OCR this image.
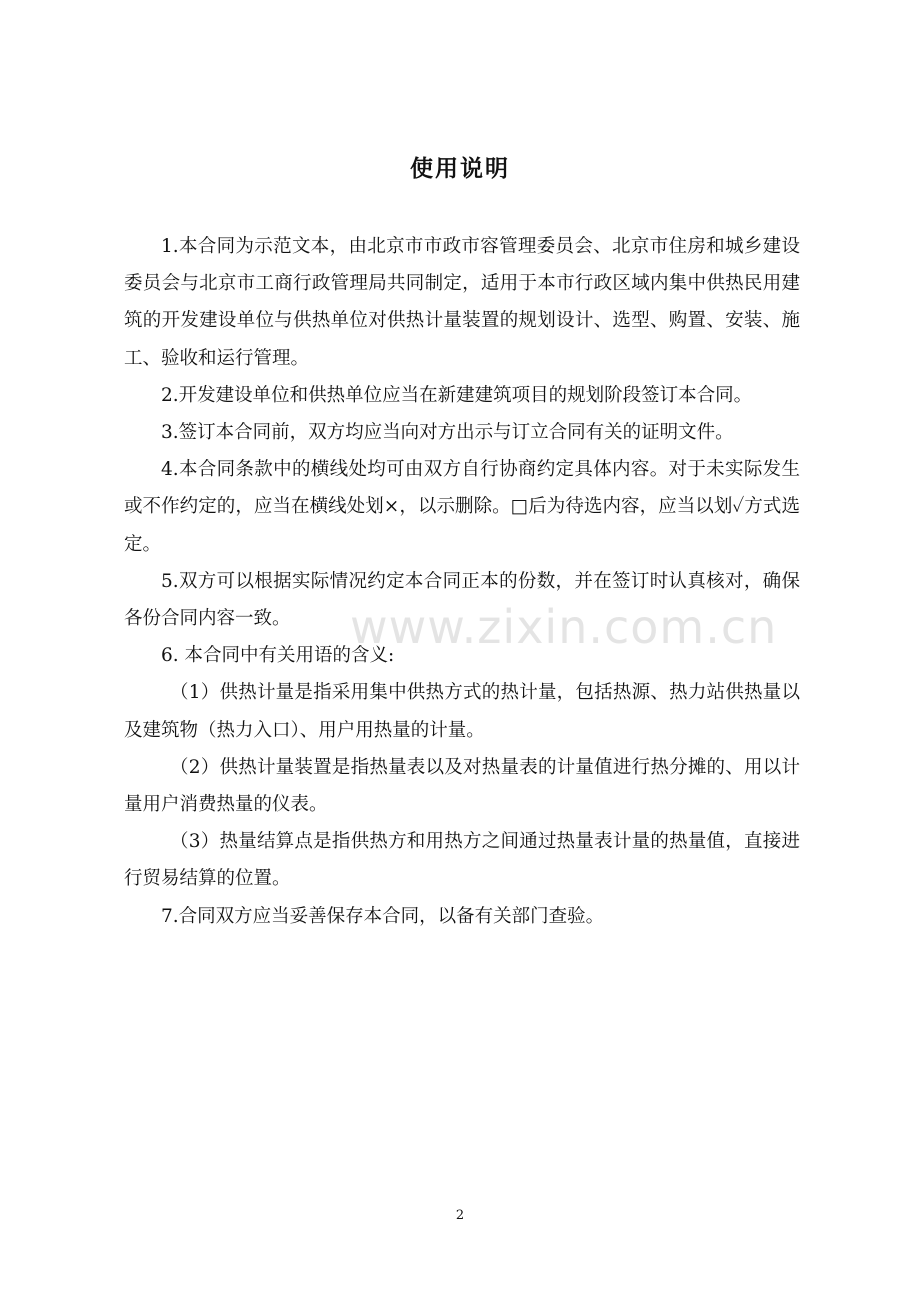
使用说明

1.本合同为示范文本，由北京市市政市容管理委员会、北京市住房和城乡建设委员会与北京市工商行政管理局共同制定，适用于本市行政区域内集中供热民用建筑的开发建设单位与供热单位对供热计量装置的规划设计、选型、购置、安装、施工、验收和运行管理。

2.开发建设单位和供热单位应当在新建建筑项目的规划阶段签订本合同。

3.签订本合同前，双方均应当向对方出示与订立合同有关的证明文件。

4.本合同条款中的横线处均可由双方自行协商约定具体内容。对于未实际发生或不作约定的，应当在横线处划×，以示删除。□后为待选内容，应当以划✓方式选定。

5.双方可以根据实际情况约定本合同正本的份数，并在签订时认真核对，确保各份合同内容一致。

6. 本合同中有关用语的含义:

（1）供热计量是指采用集中供热方式的热计量，包括热源、热力站供热量以及建筑物（热力入口）、用户用热量的计量。

（2）供热计量装置是指热量表以及对热量表的计量值进行热分摊的、用以计量用户消费热量的仪表。

（3）热量结算点是指供热方和用热方之间通过热量表计量的热量值，直接进行贸易结算的位置。

7.合同双方应当妥善保存本合同，以备有关部门查验。

www.zixin.com.cn
2
